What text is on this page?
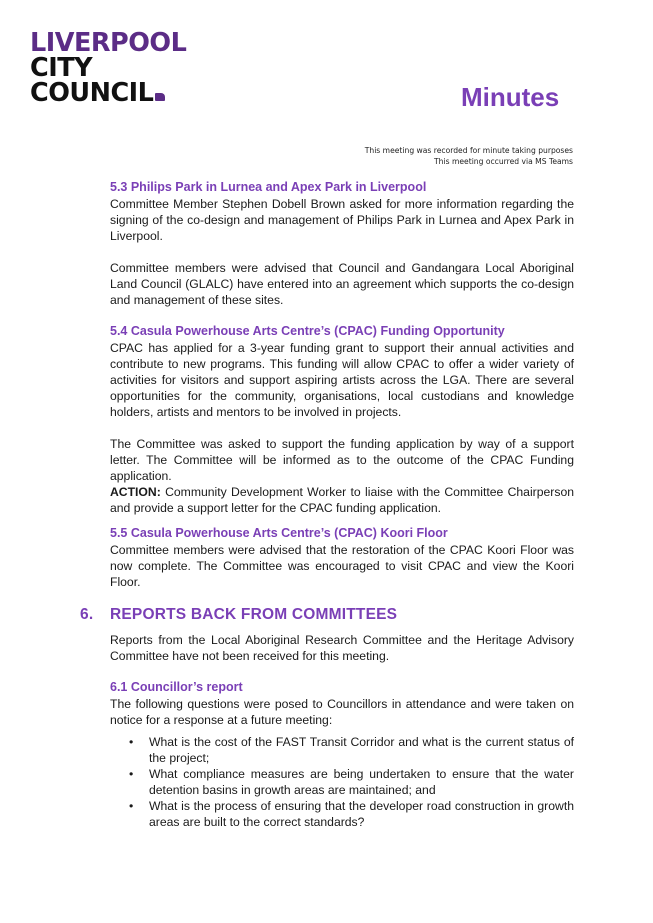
LIVERPOOL
CITY
COUNCIL	Minutes
This meeting was recorded for minute taking purposes
This meeting occurred via MS Teams
5.3 Philips Park in Lurnea and Apex Park in Liverpool

Committee Member Stephen Dobell Brown asked for more information regarding the signing of the co-design and management of Philips Park in Lurnea and Apex Park in Liverpool.

Committee members were advised that Council and Gandangara Local Aboriginal Land Council (GLALC) have entered into an agreement which supports the co-design and management of these sites.

5.4 Casula Powerhouse Arts Centre’s (CPAC) Funding Opportunity

CPAC has applied for a 3-year funding grant to support their annual activities and contribute to new programs. This funding will allow CPAC to offer a wider variety of activities for visitors and support aspiring artists across the LGA. There are several opportunities for the community, organisations, local custodians and knowledge holders, artists and mentors to be involved in projects.

The Committee was asked to support the funding application by way of a support letter. The Committee will be informed as to the outcome of the CPAC Funding application.

ACTION: Community Development Worker to liaise with the Committee Chairperson and provide a support letter for the CPAC funding application.

5.5 Casula Powerhouse Arts Centre’s (CPAC) Koori Floor

Committee members were advised that the restoration of the CPAC Koori Floor was now complete. The Committee was encouraged to visit CPAC and view the Koori Floor.

6. REPORTS BACK FROM COMMITTEES

Reports from the Local Aboriginal Research Committee and the Heritage Advisory Committee have not been received for this meeting.

6.1 Councillor’s report

The following questions were posed to Councillors in attendance and were taken on notice for a response at a future meeting:

• What is the cost of the FAST Transit Corridor and what is the current status of the project;
• What compliance measures are being undertaken to ensure that the water detention basins in growth areas are maintained; and
• What is the process of ensuring that the developer road construction in growth areas are built to the correct standards?
